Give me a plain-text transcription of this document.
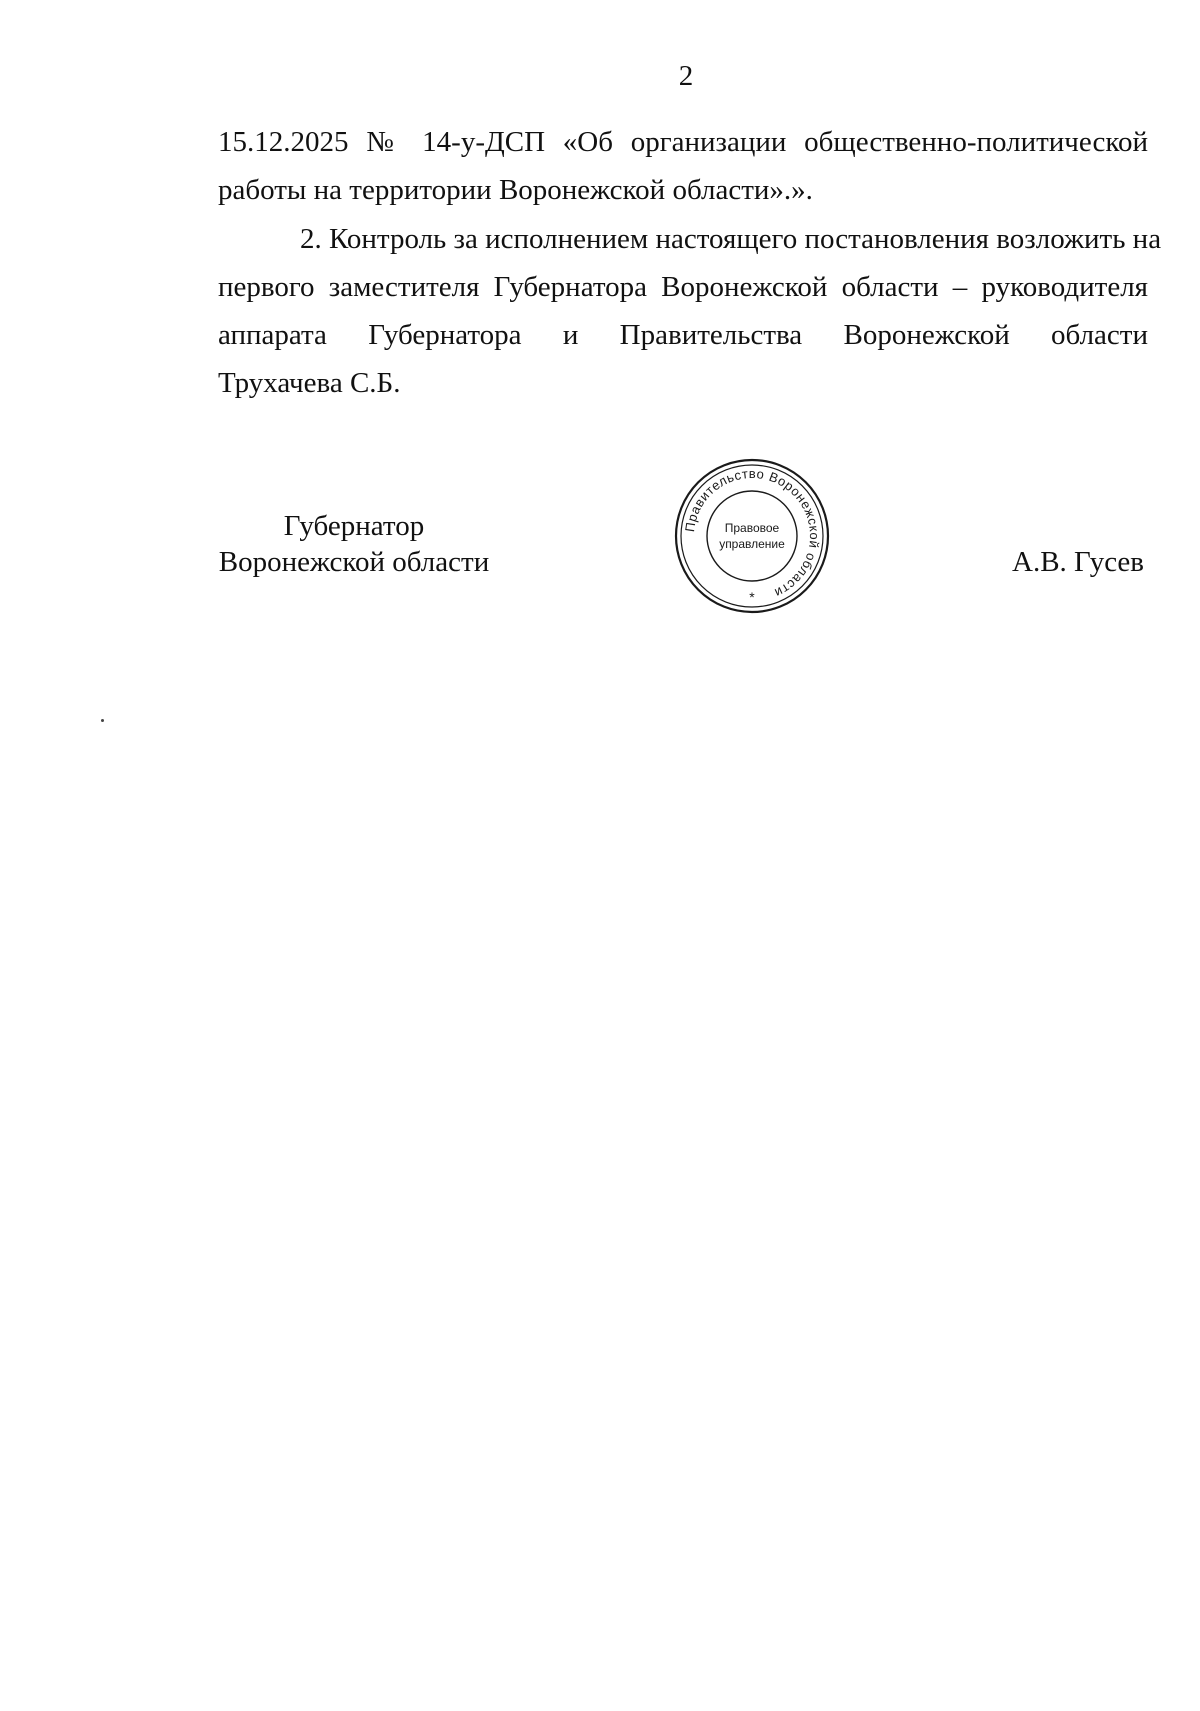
2
15.12.2025 № 14-у-ДСП «Об организации общественно-политической
работы на территории Воронежской области».».
2. Контроль за исполнением настоящего постановления возложить на
первого заместителя Губернатора Воронежской области – руководителя
аппарата Губернатора и Правительства Воронежской области
Трухачева С.Б.
Губернатор
Воронежской области
Правительство Воронежской области
Правовое
управление
*
А.В. Гусев
